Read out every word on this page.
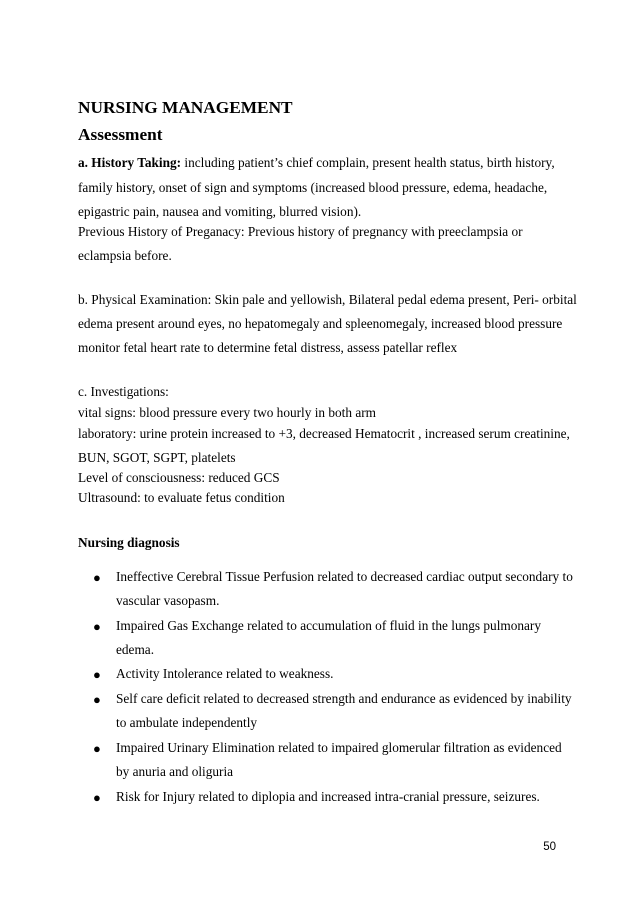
NURSING MANAGEMENT
Assessment
a. History Taking: including patient’s chief complain, present health status, birth history,
family history, onset of sign and symptoms (increased blood pressure, edema, headache,
epigastric pain, nausea and vomiting, blurred vision).
Previous History of Preganacy: Previous history of pregnancy with preeclampsia or
eclampsia before.
b. Physical Examination: Skin pale and yellowish, Bilateral pedal edema present, Peri- orbital
edema present around eyes, no hepatomegaly and spleenomegaly, increased blood pressure
monitor fetal heart rate to determine fetal distress, assess patellar reflex
c. Investigations:
vital signs: blood pressure every two hourly in both arm
laboratory: urine protein increased to +3, decreased Hematocrit , increased serum creatinine,
BUN, SGOT, SGPT, platelets
Level of consciousness: reduced GCS
Ultrasound: to evaluate fetus condition
Nursing diagnosis
● Ineffective Cerebral Tissue Perfusion related to decreased cardiac output secondary to
vascular vasopasm.
● Impaired Gas Exchange related to accumulation of fluid in the lungs pulmonary
edema.
● Activity Intolerance related to weakness.
● Self care deficit related to decreased strength and endurance as evidenced by inability
to ambulate independently
● Impaired Urinary Elimination related to impaired glomerular filtration as evidenced
by anuria and oliguria
● Risk for Injury related to diplopia and increased intra-cranial pressure, seizures.
50
